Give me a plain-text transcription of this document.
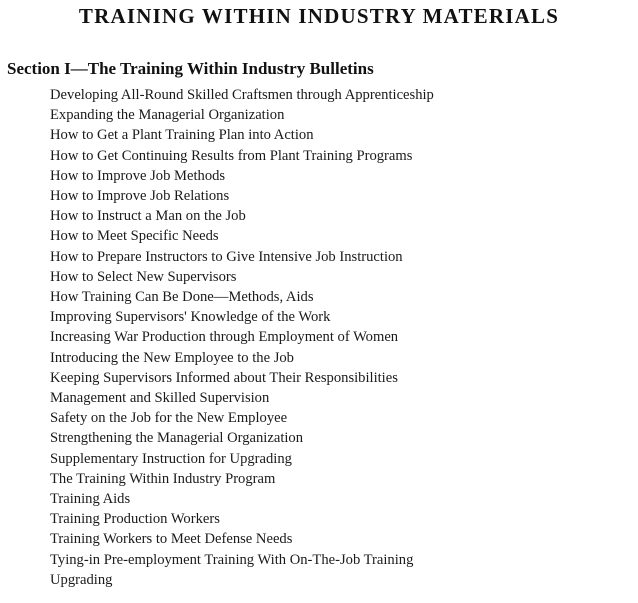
TRAINING WITHIN INDUSTRY MATERIALS
Section I—The Training Within Industry Bulletins
Developing All-Round Skilled Craftsmen through Apprenticeship
Expanding the Managerial Organization
How to Get a Plant Training Plan into Action
How to Get Continuing Results from Plant Training Programs
How to Improve Job Methods
How to Improve Job Relations
How to Instruct a Man on the Job
How to Meet Specific Needs
How to Prepare Instructors to Give Intensive Job Instruction
How to Select New Supervisors
How Training Can Be Done—Methods, Aids
Improving Supervisors' Knowledge of the Work
Increasing War Production through Employment of Women
Introducing the New Employee to the Job
Keeping Supervisors Informed about Their Responsibilities
Management and Skilled Supervision
Safety on the Job for the New Employee
Strengthening the Managerial Organization
Supplementary Instruction for Upgrading
The Training Within Industry Program
Training Aids
Training Production Workers
Training Workers to Meet Defense Needs
Tying-in Pre-employment Training With On-The-Job Training
Upgrading
